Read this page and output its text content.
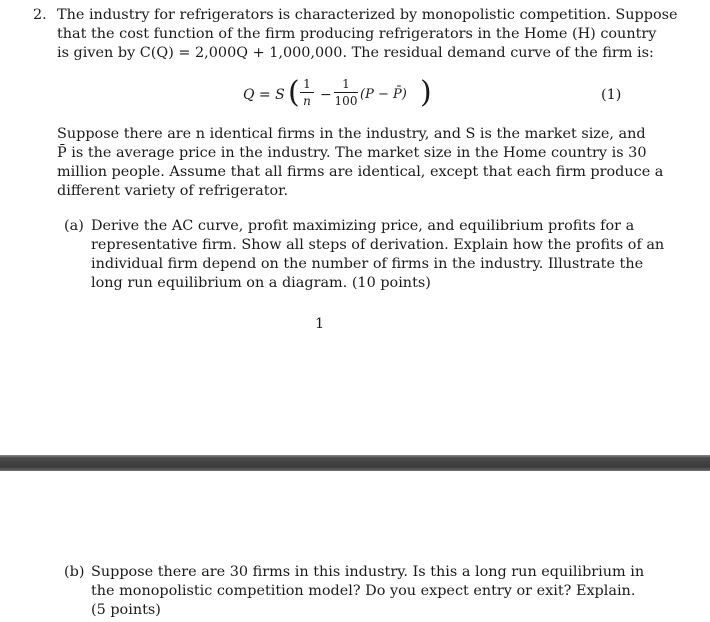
2. The industry for refrigerators is characterized by monopolistic competition. Suppose
that the cost function of the firm producing refrigerators in the Home (H) country
is given by C(Q) = 2,000Q + 1,000,000. The residual demand curve of the firm is:
Q = S ( 1
n −
1
100 (P − P̄) )	(1)
Suppose there are n identical firms in the industry, and S is the market size, and
P̄ is the average price in the industry. The market size in the Home country is 30
million people. Assume that all firms are identical, except that each firm produce a
different variety of refrigerator.
(a) Derive the AC curve, profit maximizing price, and equilibrium profits for a
representative firm. Show all steps of derivation. Explain how the profits of an
individual firm depend on the number of firms in the industry. Illustrate the
long run equilibrium on a diagram. (10 points)
1
(b) Suppose there are 30 firms in this industry. Is this a long run equilibrium in
the monopolistic competition model? Do you expect entry or exit? Explain.
(5 points)
